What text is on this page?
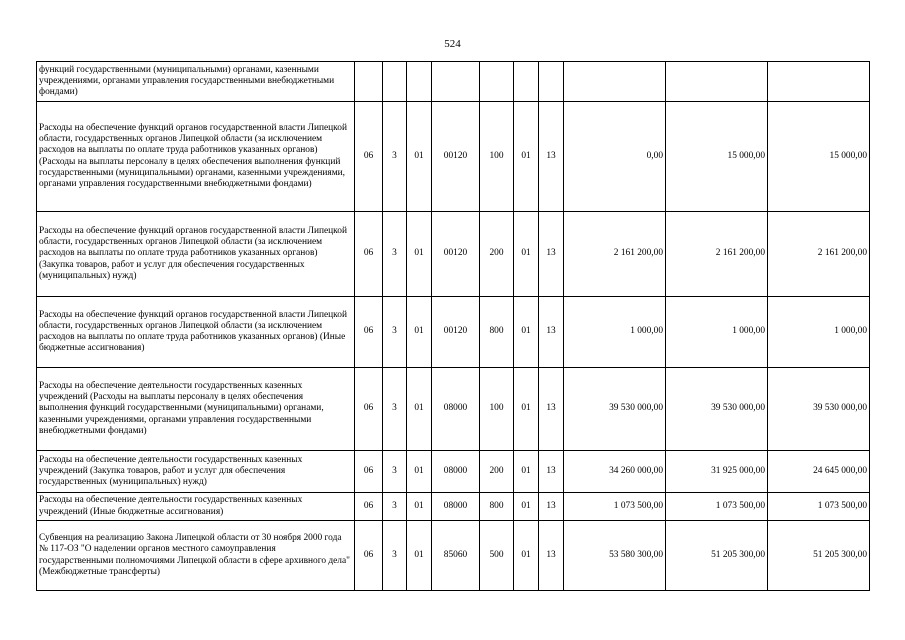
524
функций государственными (муниципальными) органами, казенными учреждениями, органами управления государственными внебюджетными фондами)										
Расходы на обеспечение функций органов государственной власти Липецкой области, государственных органов Липецкой области (за исключением расходов на выплаты по оплате труда работников указанных органов) (Расходы на выплаты персоналу в целях обеспечения выполнения функций государственными (муниципальными) органами, казенными учреждениями, органами управления государственными внебюджетными фондами)	06	3	01	00120	100	01	13	0,00	15 000,00	15 000,00
Расходы на обеспечение функций органов государственной власти Липецкой области, государственных органов Липецкой области (за исключением расходов на выплаты по оплате труда работников указанных органов) (Закупка товаров, работ и услуг для обеспечения государственных (муниципальных) нужд)	06	3	01	00120	200	01	13	2 161 200,00	2 161 200,00	2 161 200,00
Расходы на обеспечение функций органов государственной власти Липецкой области, государственных органов Липецкой области (за исключением расходов на выплаты по оплате труда работников указанных органов) (Иные бюджетные ассигнования)	06	3	01	00120	800	01	13	1 000,00	1 000,00	1 000,00
Расходы на обеспечение деятельности государственных казенных учреждений (Расходы на выплаты персоналу в целях обеспечения выполнения функций государственными (муниципальными) органами, казенными учреждениями, органами управления государственными внебюджетными фондами)	06	3	01	08000	100	01	13	39 530 000,00	39 530 000,00	39 530 000,00
Расходы на обеспечение деятельности государственных казенных учреждений (Закупка товаров, работ и услуг для обеспечения государственных (муниципальных) нужд)	06	3	01	08000	200	01	13	34 260 000,00	31 925 000,00	24 645 000,00
Расходы на обеспечение деятельности государственных казенных учреждений (Иные бюджетные ассигнования)	06	3	01	08000	800	01	13	1 073 500,00	1 073 500,00	1 073 500,00
Субвенция на реализацию Закона Липецкой области от 30 ноября 2000 года № 117-ОЗ "О наделении органов местного самоуправления государственными полномочиями Липецкой области в сфере архивного дела" (Межбюджетные трансферты)	06	3	01	85060	500	01	13	53 580 300,00	51 205 300,00	51 205 300,00
